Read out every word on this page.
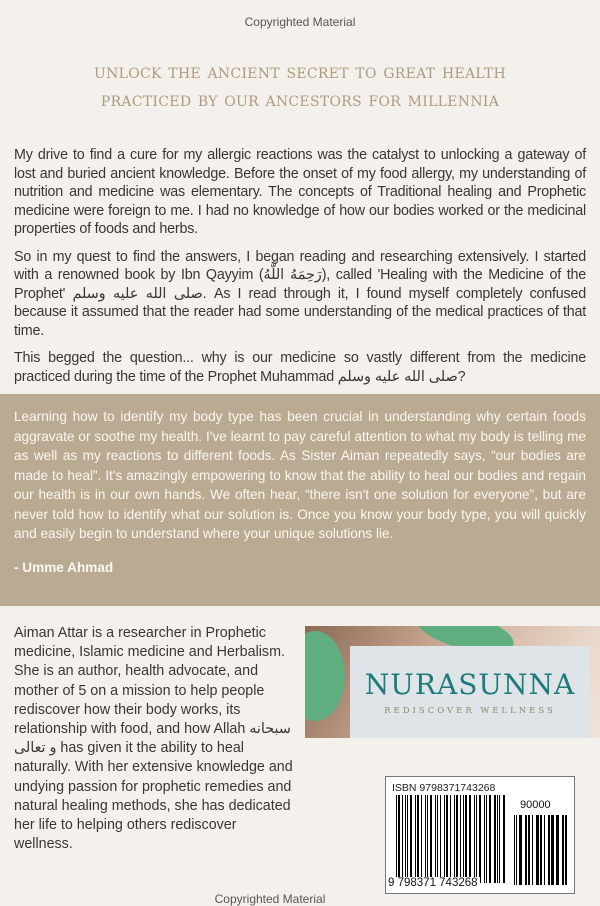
Copyrighted Material
unlock the ancient secret to great health
practiced by our ancestors for millennia

My drive to find a cure for my allergic reactions was the catalyst to unlocking a gateway of lost and buried ancient knowledge. Before the onset of my food allergy, my understanding of nutrition and medicine was elementary. The concepts of Traditional healing and Prophetic medicine were foreign to me. I had no knowledge of how our bodies worked or the medicinal properties of foods and herbs.

So in my quest to find the answers, I began reading and researching extensively. I started with a renowned book by Ibn Qayyim (رَحِمَهُ اللَّهُ), called 'Healing with the Medicine of the Prophet' صلى الله عليه وسلم. As I read through it, I found myself completely confused because it assumed that the reader had some understanding of the medical practices of that time.

This begged the question... why is our medicine so vastly different from the medicine practiced during the time of the Prophet Muhammad صلى الله عليه وسلم?

Learning how to identify my body type has been crucial in understanding why certain foods aggravate or soothe my health. I've learnt to pay careful attention to what my body is telling me as well as my reactions to different foods. As Sister Aiman repeatedly says, “our bodies are made to heal”. It's amazingly empowering to know that the ability to heal our bodies and regain our health is in our own hands. We often hear, “there isn't one solution for everyone”, but are never told how to identify what our solution is. Once you know your body type, you will quickly and easily begin to understand where your unique solutions lie.

- Umme Ahmad

Aiman Attar is a researcher in Prophetic medicine, Islamic medicine and Herbalism. She is an author, health advocate, and mother of 5 on a mission to help people rediscover how their body works, its relationship with food, and how Allah سبحانه و تعالى has given it the ability to heal naturally. With her extensive knowledge and undying passion for prophetic remedies and natural healing methods, she has dedicated her life to helping others rediscover wellness.
NURASUNNA
REDISCOVER WELLNESS
ISBN 9798371743268
9 798371 743268
90000
Copyrighted Material
